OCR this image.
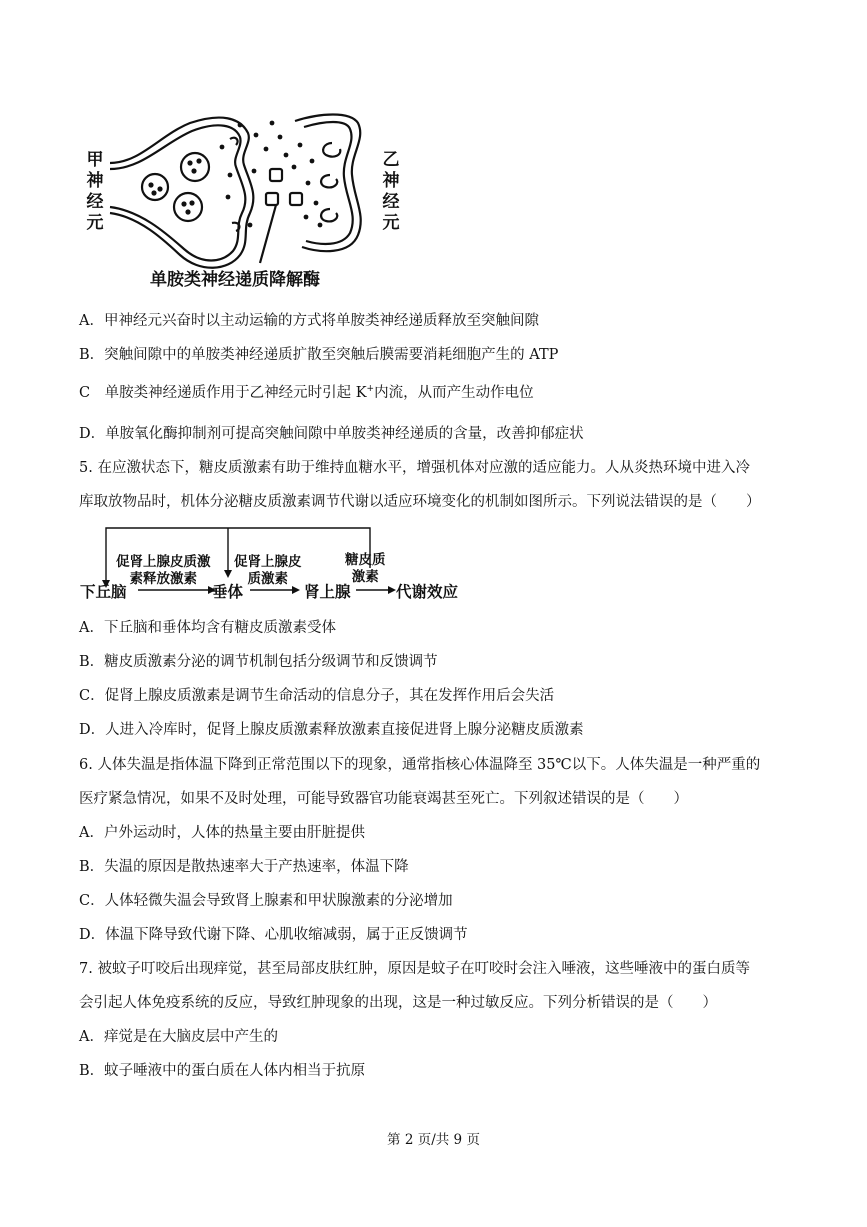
甲
神
经
元
乙
神
经
元
单胺类神经递质降解酶
A．甲神经元兴奋时以主动运输的方式将单胺类神经递质释放至突触间隙
B．突触间隙中的单胺类神经递质扩散至突触后膜需要消耗细胞产生的 ATP
C　单胺类神经递质作用于乙神经元时引起 K+内流，从而产生动作电位
D．单胺氧化酶抑制剂可提高突触间隙中单胺类神经递质的含量，改善抑郁症状
5. 在应激状态下，糖皮质激素有助于维持血糖水平，增强机体对应激的适应能力。人从炎热环境中进入冷
库取放物品时，机体分泌糖皮质激素调节代谢以适应环境变化的机制如图所示。下列说法错误的是（　　）
下丘脑	垂体	肾上腺	代谢效应
促肾上腺皮质激
素释放激素
促肾上腺皮
质激素
糖皮质
激素
A．下丘脑和垂体均含有糖皮质激素受体
B．糖皮质激素分泌的调节机制包括分级调节和反馈调节
C．促肾上腺皮质激素是调节生命活动的信息分子，其在发挥作用后会失活
D．人进入冷库时，促肾上腺皮质激素释放激素直接促进肾上腺分泌糖皮质激素
6. 人体失温是指体温下降到正常范围以下的现象，通常指核心体温降至 35℃以下。人体失温是一种严重的
医疗紧急情况，如果不及时处理，可能导致器官功能衰竭甚至死亡。下列叙述错误的是（　　）
A．户外运动时，人体的热量主要由肝脏提供
B．失温的原因是散热速率大于产热速率，体温下降
C．人体轻微失温会导致肾上腺素和甲状腺激素的分泌增加
D．体温下降导致代谢下降、心肌收缩减弱，属于正反馈调节
7. 被蚊子叮咬后出现痒觉，甚至局部皮肤红肿，原因是蚊子在叮咬时会注入唾液，这些唾液中的蛋白质等
会引起人体免疫系统的反应，导致红肿现象的出现，这是一种过敏反应。下列分析错误的是（　　）
A．痒觉是在大脑皮层中产生的
B．蚊子唾液中的蛋白质在人体内相当于抗原
第 2 页/共 9 页
